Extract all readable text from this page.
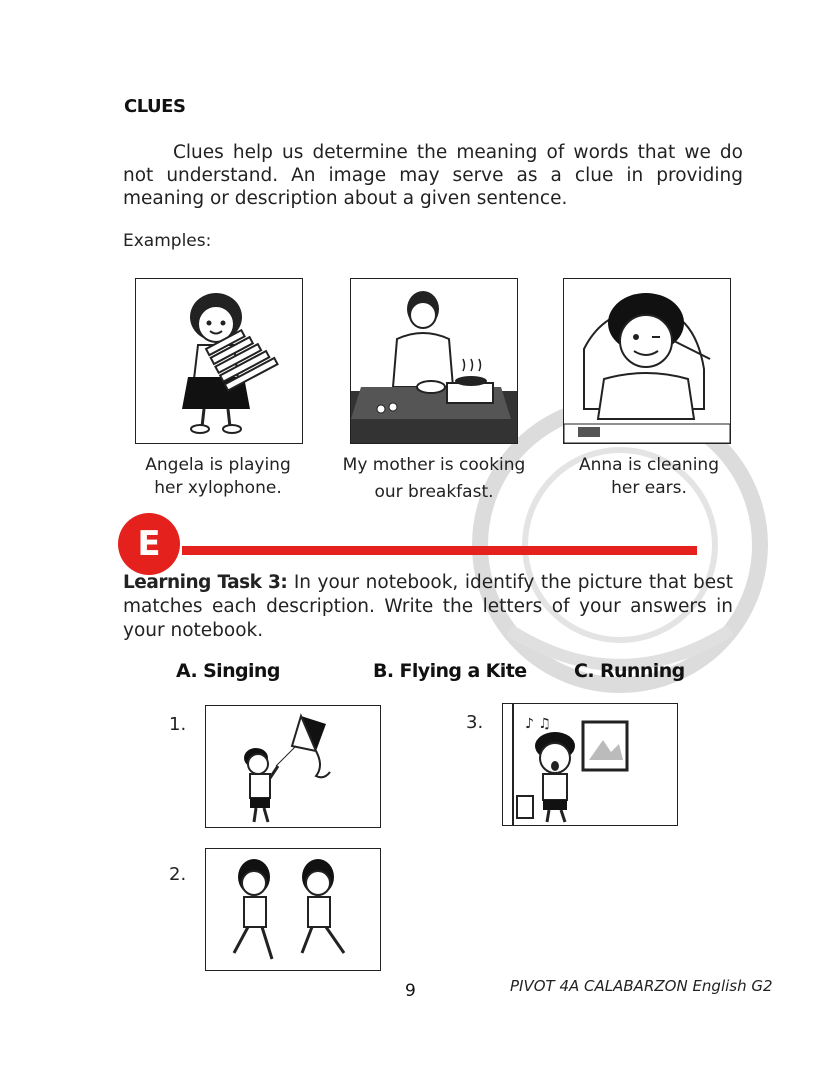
CLUES
Clues help us determine the meaning of words that we do not understand. An image may serve as a clue in providing meaning or description about a given sentence.
Examples:
Angela is playing
her xylophone.
My mother is cooking
our breakfast.
Anna is cleaning
her ears.
E
Learning Task 3: In your notebook, identify the picture that best matches each description. Write the letters of your answers in your notebook.
A. Singing	B. Flying a Kite	C. Running
1.
2.
3.	♪ ♫
9	PIVOT 4A CALABARZON English G2
